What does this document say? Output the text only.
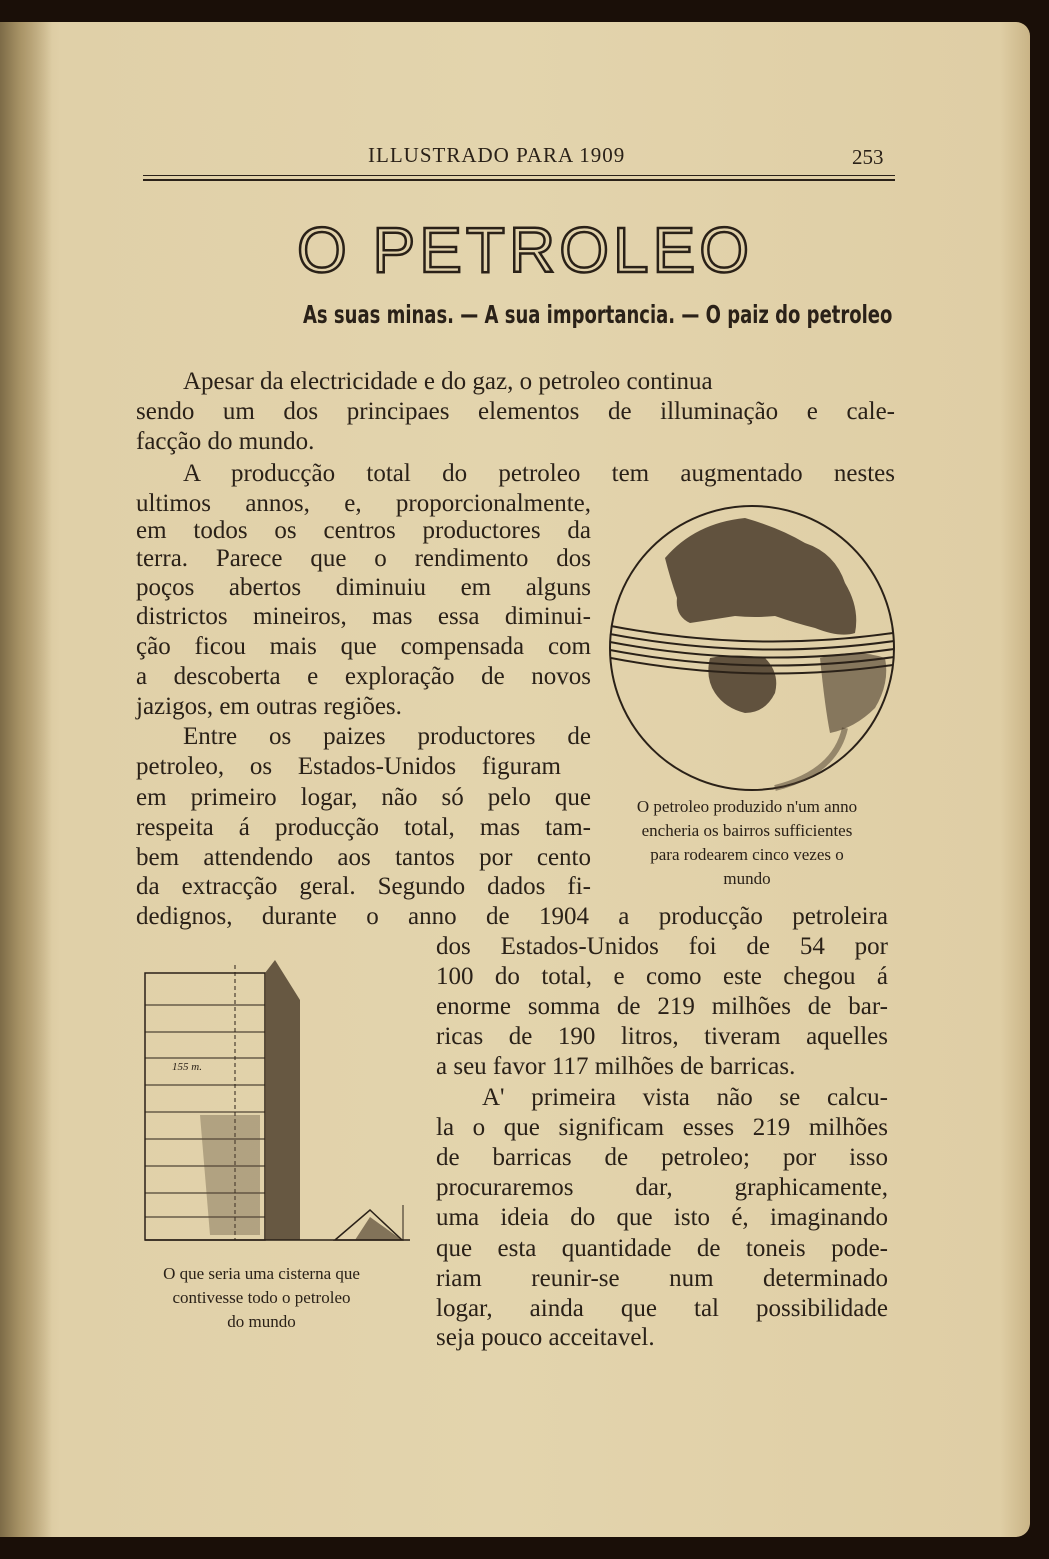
ILLUSTRADO PARA 1909	253
O PETROLEO
As suas minas. — A sua importancia. — O paiz do petroleo
Apesar da electricidade e do gaz, o petroleo continua
sendo um dos principaes elementos de illuminação e cale-
facção do mundo.
A producção total do petroleo tem augmentado nestes
ultimos annos, e, proporcionalmente,
em todos os centros productores da
terra. Parece que o rendimento dos
poços abertos diminuiu em alguns
districtos mineiros, mas essa diminui-
ção ficou mais que compensada com
a descoberta e exploração de novos
jazigos, em outras regiões.
Entre os paizes productores de
petroleo, os Estados-Unidos figuram
em primeiro logar, não só pelo que
respeita á producção total, mas tam-
bem attendendo aos tantos por cento
da extracção geral. Segundo dados fi-
dedignos, durante o anno de 1904 a producção petroleira
dos Estados-Unidos foi de 54 por
100 do total, e como este chegou á
enorme somma de 219 milhões de bar-
ricas de 190 litros, tiveram aquelles
a seu favor 117 milhões de barricas.
A' primeira vista não se calcu-
la o que significam esses 219 milhões
de barricas de petroleo; por isso
procuraremos dar, graphicamente,
uma ideia do que isto é, imaginando
que esta quantidade de toneis pode-
riam reunir-se num determinado
logar, ainda que tal possibilidade
seja pouco acceitavel.
O petroleo produzido n'um anno
encheria os bairros sufficientes
para rodearem cinco vezes o
mundo
155 m.
O que seria uma cisterna que
contivesse todo o petroleo
do mundo
